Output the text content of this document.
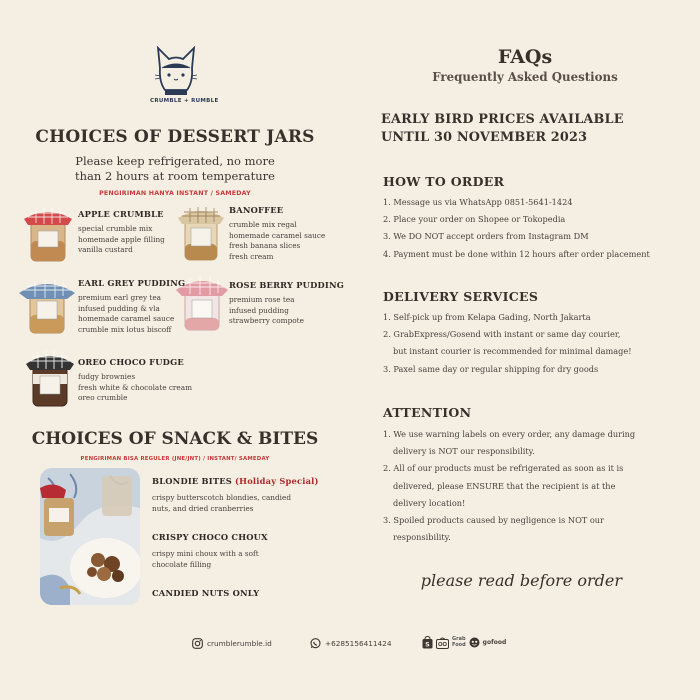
CRUMBLE + RUMBLE
CHOICES OF DESSERT JARS
Please keep refrigerated, no more
than 2 hours at room temperature
PENGIRIMAN HANYA INSTANT / SAMEDAY
APPLE CRUMBLE
special crumble mix
homemade apple filling
vanilla custard
BANOFFEE
crumble mix regal
homemade caramel sauce
fresh banana slices
fresh cream
EARL GREY PUDDING
premium earl grey tea
infused pudding & vla
homemade caramel sauce
crumble mix lotus biscoff
ROSE BERRY PUDDING
premium rose tea
infused pudding
strawberry compote
OREO CHOCO FUDGE
fudgy brownies
fresh white & chocolate cream
oreo crumble
CHOICES OF SNACK & BITES
PENGIRIMAN BISA REGULER (JNE/JNT) / INSTANT/ SAMEDAY
BLONDIE BITES (Holiday Special)
crispy butterscotch blondies, candied
nuts, and dried cranberries
CRISPY CHOCO CHOUX
crispy mini choux with a soft
chocolate filling
CANDIED NUTS ONLY
FAQs
Frequently Asked Questions
EARLY BIRD PRICES AVAILABLE
UNTIL 30 NOVEMBER 2023
HOW TO ORDER
1. Message us via WhatsApp 0851-5641-1424
2. Place your order on Shopee or Tokopedia
3. We DO NOT accept orders from Instagram DM
4. Payment must be done within 12 hours after order placement
DELIVERY SERVICES
1. Self-pick up from Kelapa Gading, North Jakarta
2. GrabExpress/Gosend with instant or same day courier,
but instant courier is recommended for minimal damage!
3. Paxel same day or regular shipping for dry goods
ATTENTION
1. We use warning labels on every order, any damage during
delivery is NOT our responsibility.
2. All of our products must be refrigerated as soon as it is
delivered, please ENSURE that the recipient is at the
delivery location!
3. Spoiled products caused by negligence is NOT our
responsibility.
please read before order
crumblerumble.id	+6285156411424	S
Grab
Food	gofood
